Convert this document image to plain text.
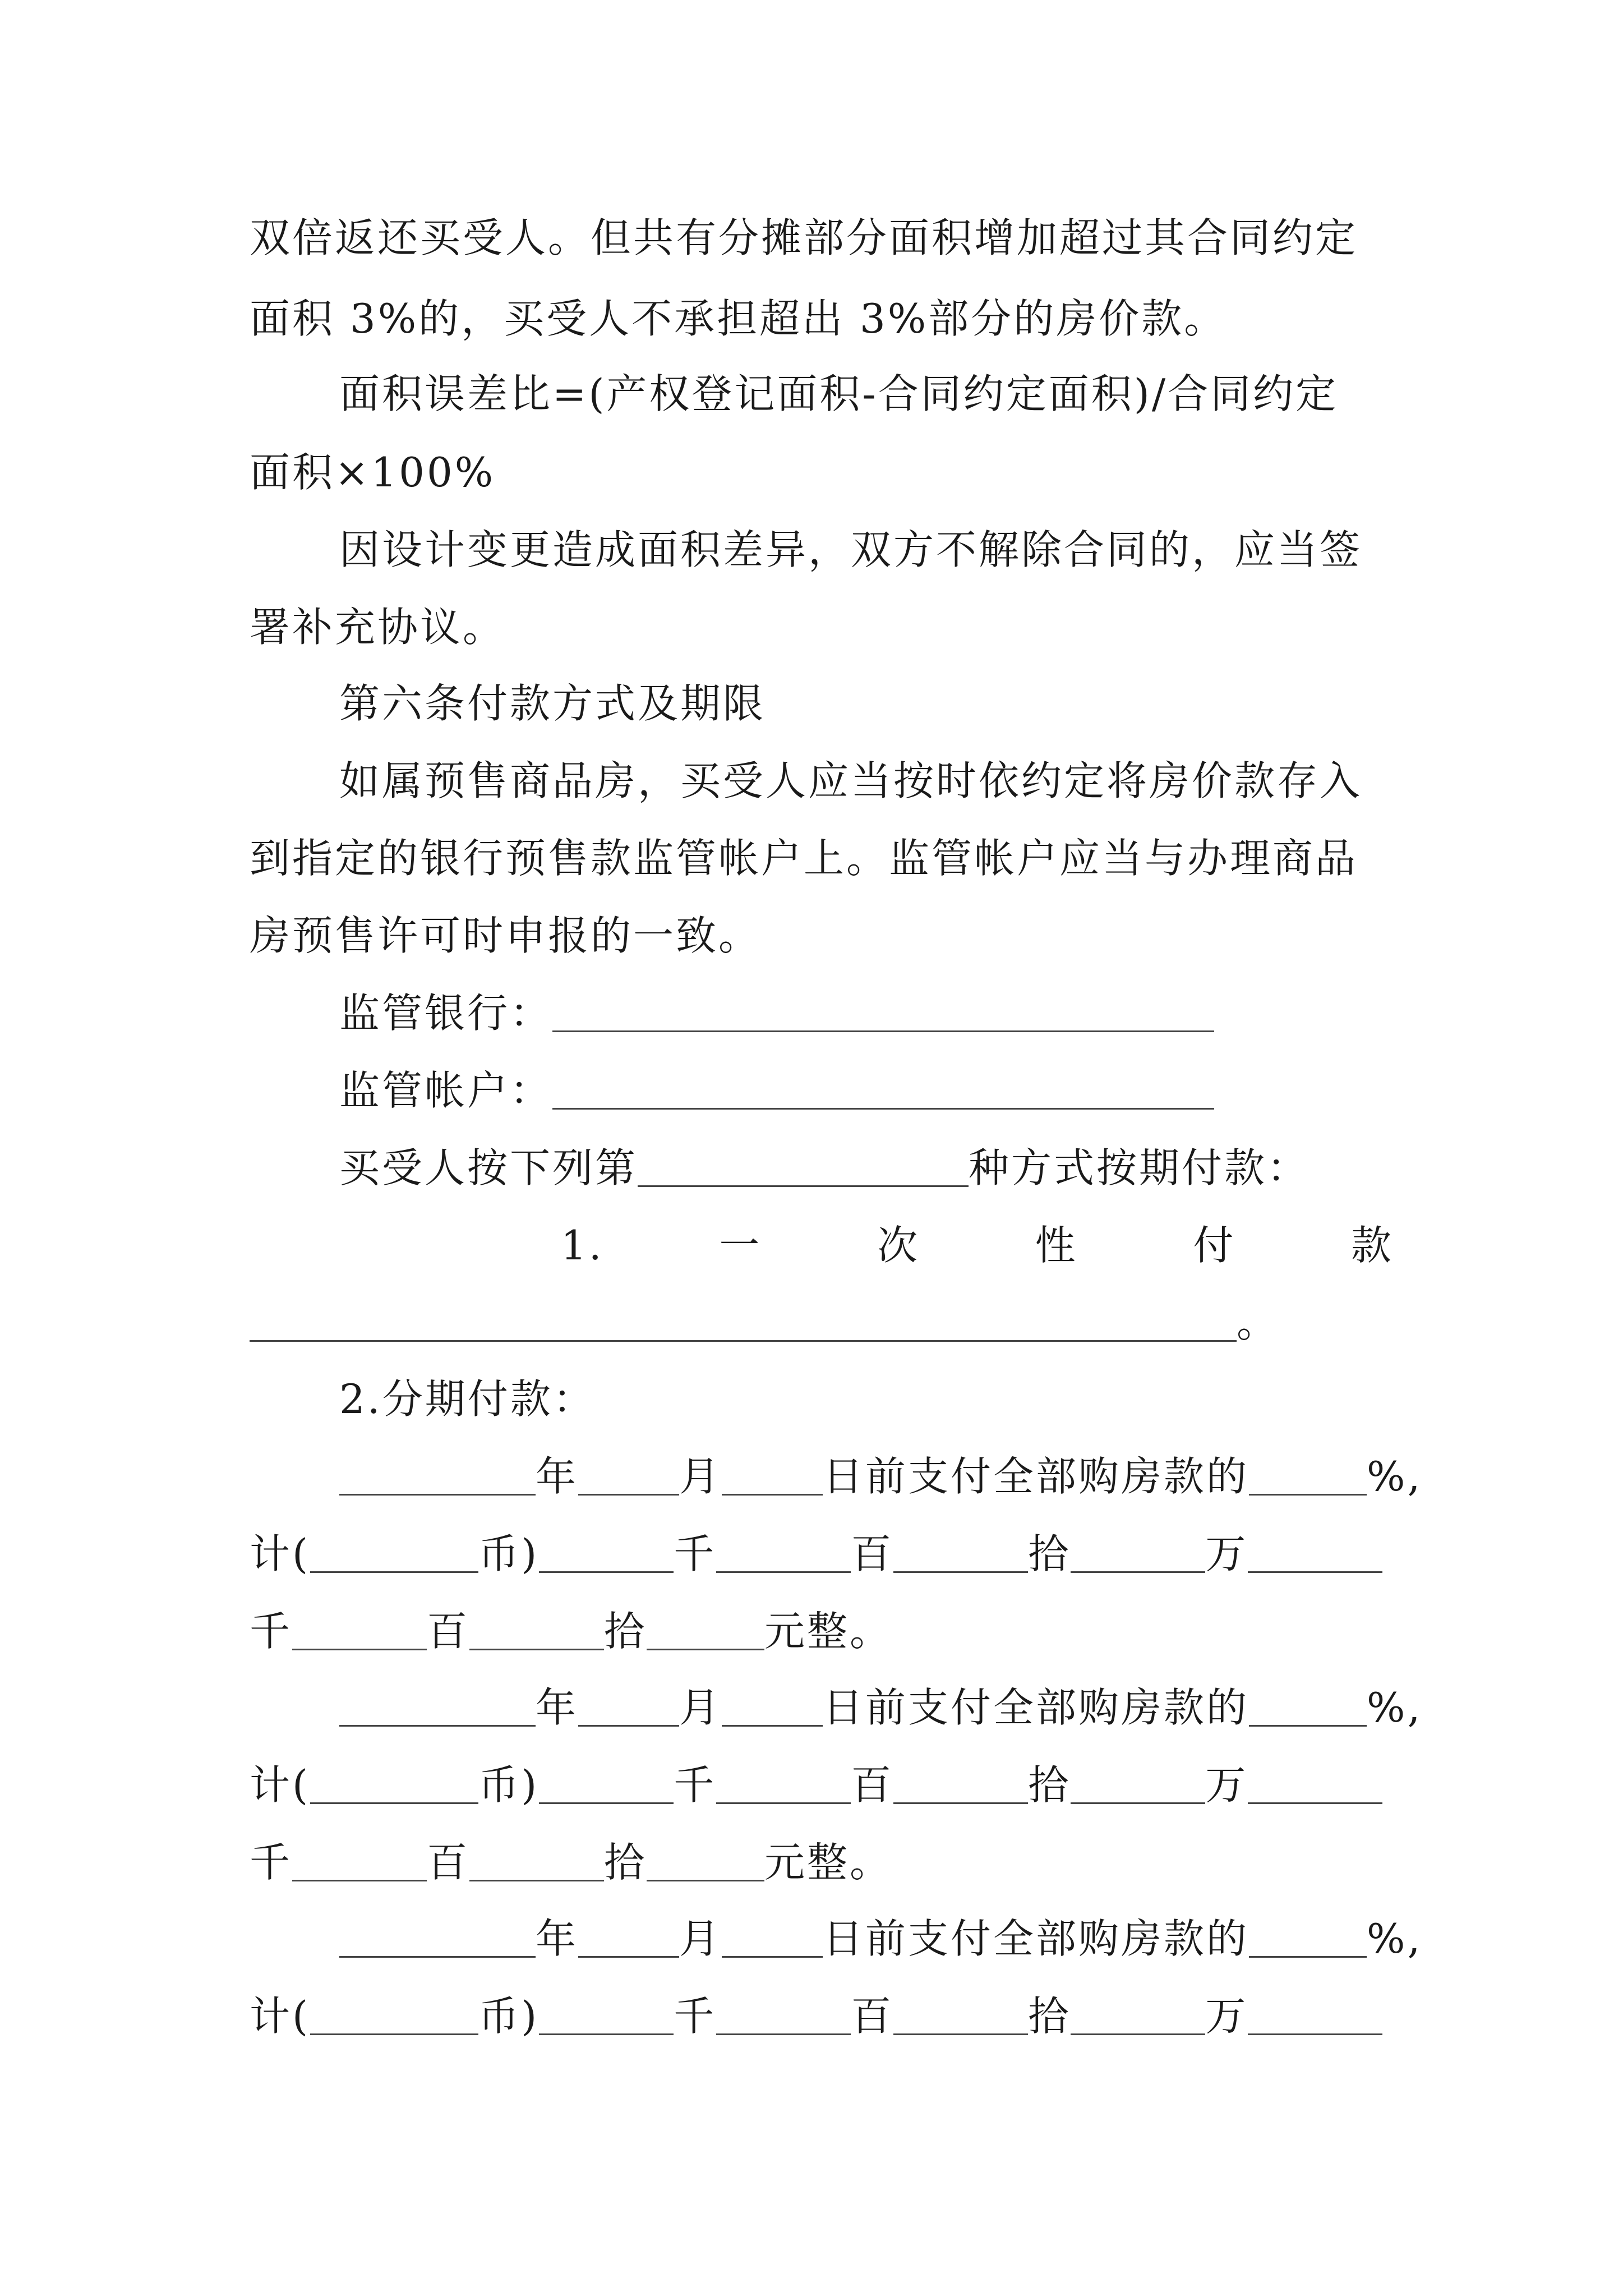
双倍返还买受人。但共有分摊部分面积增加超过其合同约定
面积 3%的，买受人不承担超出 3%部分的房价款。
面积误差比=(产权登记面积-合同约定面积)/合同约定
面积×100%
因设计变更造成面积差异，双方不解除合同的，应当签
署补充协议。
第六条付款方式及期限
如属预售商品房，买受人应当按时依约定将房价款存入
到指定的银行预售款监管帐户上。监管帐户应当与办理商品
房预售许可时申报的一致。
监管银行：
监管帐户：
买受人按下列第	种方式按期付款：
1.	一	次	性	付	款
。
2.分期付款：
年	月	日前支付全部购房款的	%,
计(	币)	千	百	拾	万
千	百	拾	元整。
年	月	日前支付全部购房款的	%,
计(	币)	千	百	拾	万
千	百	拾	元整。
年	月	日前支付全部购房款的	%,
计(	币)	千	百	拾	万
